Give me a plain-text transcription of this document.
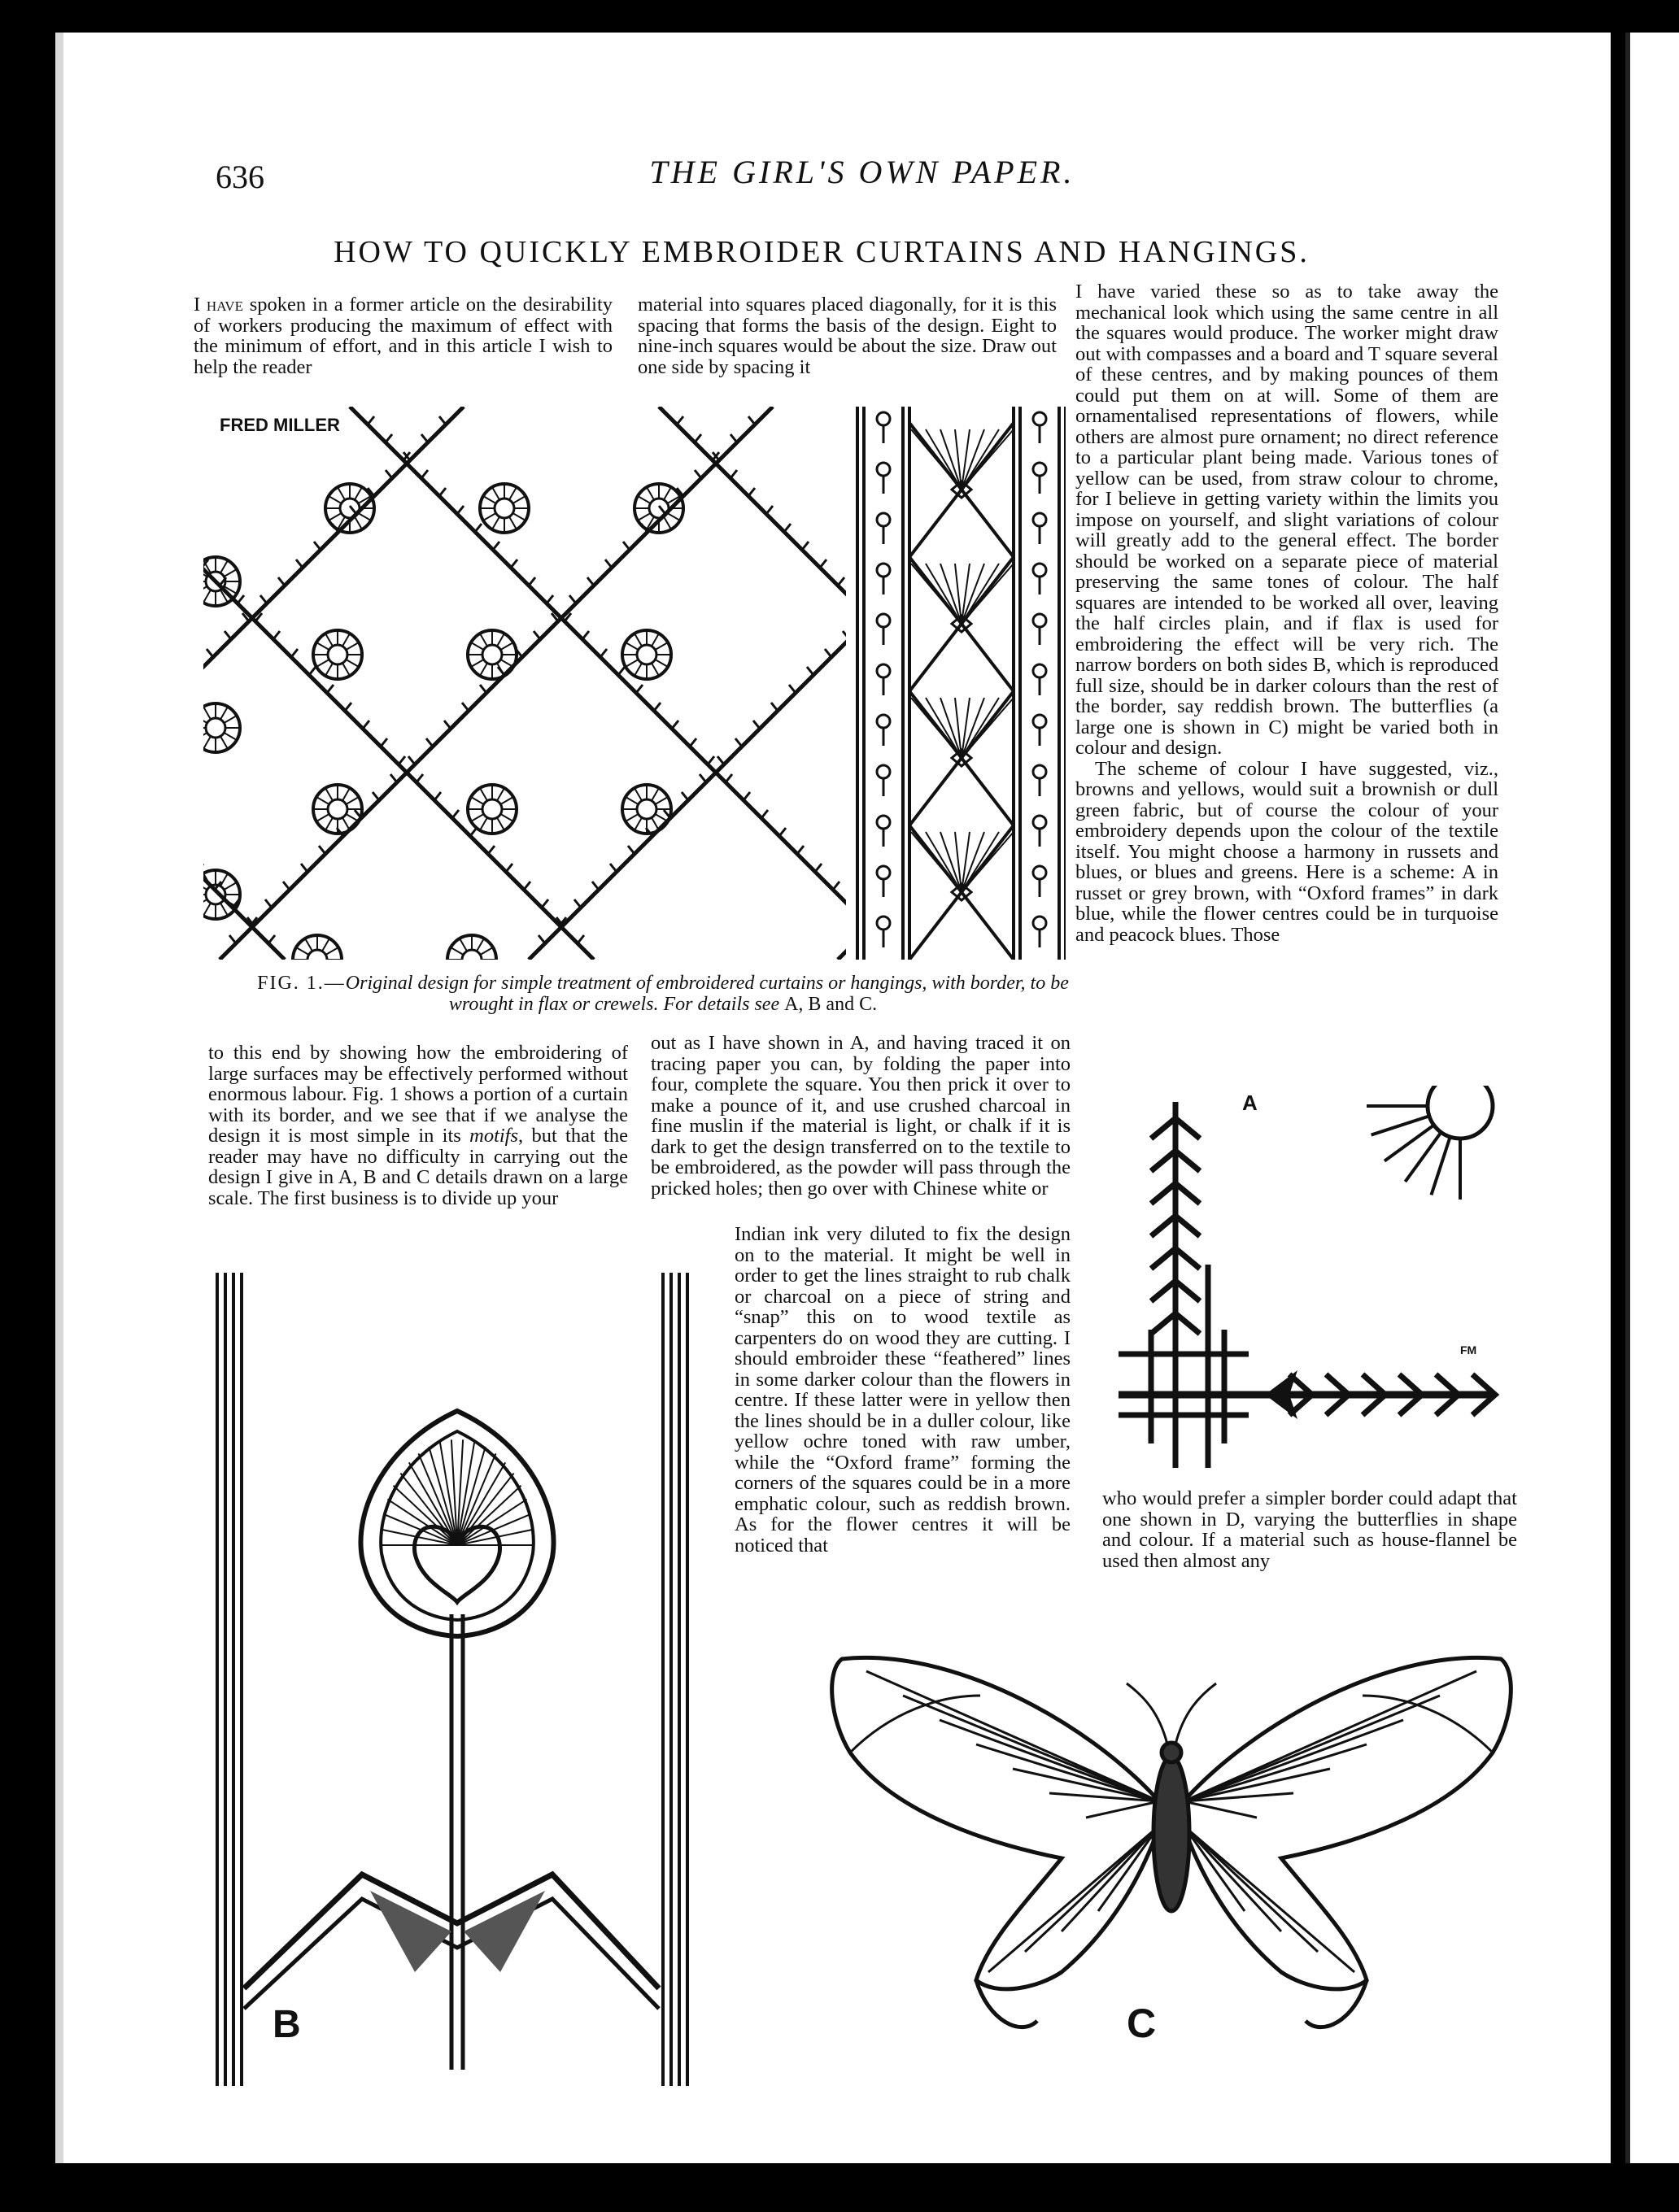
636	THE GIRL'S OWN PAPER.
HOW TO QUICKLY EMBROIDER CURTAINS AND HANGINGS.

I have spoken in a former article on the desirability of workers producing the maximum of effect with the minimum of effort, and in this article I wish to help the reader

material into squares placed diagonally, for it is this spacing that forms the basis of the design. Eight to nine-inch squares would be about the size. Draw out one side by spacing it

I have varied these so as to take away the mechanical look which using the same centre in all the squares would produce. The worker might draw out with compasses and a board and T square several of these centres, and by making pounces of them could put them on at will. Some of them are ornamentalised representations of flowers, while others are almost pure ornament; no direct reference to a particular plant being made. Various tones of yellow can be used, from straw colour to chrome, for I believe in getting variety within the limits you impose on yourself, and slight variations of colour will greatly add to the general effect. The border should be worked on a separate piece of material preserving the same tones of colour. The half squares are intended to be worked all over, leaving the half circles plain, and if flax is used for embroidering the effect will be very rich. The narrow borders on both sides B, which is reproduced full size, should be in darker colours than the rest of the border, say reddish brown. The butterflies (a large one is shown in C) might be varied both in colour and design.

The scheme of colour I have suggested, viz., browns and yellows, would suit a brownish or dull green fabric, but of course the colour of your embroidery depends upon the colour of the textile itself. You might choose a harmony in russets and blues, or blues and greens. Here is a scheme: A in russet or grey brown, with “Oxford frames” in dark blue, while the flower centres could be in turquoise and peacock blues. Those

FRED MILLER
FIG. 1.—Original design for simple treatment of embroidered curtains or hangings, with border, to be wrought in flax or crewels. For details see A, B and C.

to this end by showing how the embroidering of large surfaces may be effectively performed without enormous labour. Fig. 1 shows a portion of a curtain with its border, and we see that if we analyse the design it is most simple in its motifs, but that the reader may have no difficulty in carrying out the design I give in A, B and C details drawn on a large scale. The first business is to divide up your

out as I have shown in A, and having traced it on tracing paper you can, by folding the paper into four, complete the square. You then prick it over to make a pounce of it, and use crushed charcoal in fine muslin if the material is light, or chalk if it is dark to get the design transferred on to the textile to be embroidered, as the powder will pass through the pricked holes; then go over with Chinese white or

Indian ink very diluted to fix the design on to the material. It might be well in order to get the lines straight to rub chalk or charcoal on a piece of string and “snap” this on to wood textile as carpenters do on wood they are cutting. I should embroider these “feathered” lines in some darker colour than the flowers in centre. If these latter were in yellow then the lines should be in a duller colour, like yellow ochre toned with raw umber, while the “Oxford frame” forming the corners of the squares could be in a more emphatic colour, such as reddish brown. As for the flower centres it will be noticed that

who would prefer a simpler border could adapt that one shown in D, varying the butterflies in shape and colour. If a material such as house-flannel be used then almost any

A
FM
B	C
